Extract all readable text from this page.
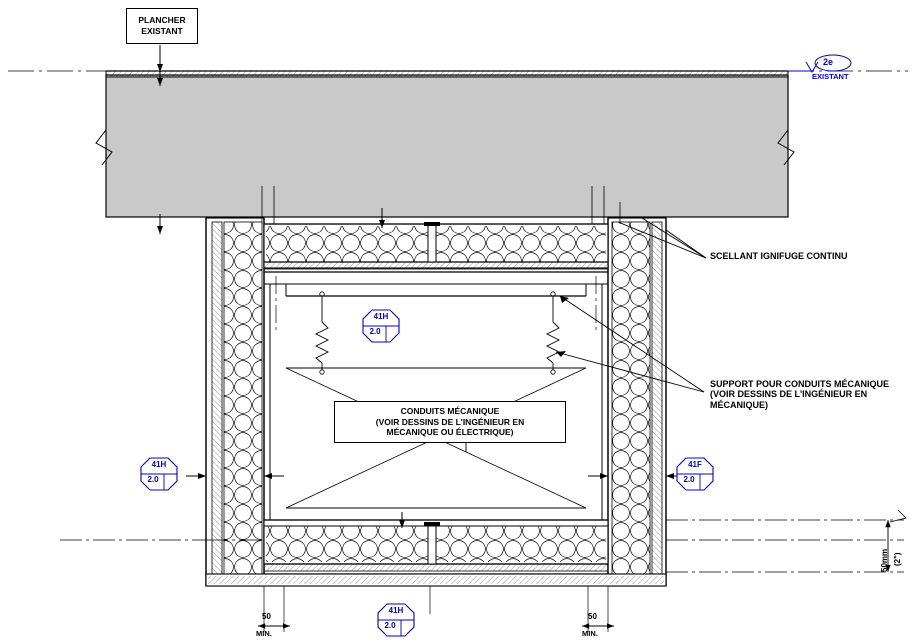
PLANCHER
EXISTANT
2e
EXISTANT
SCELLANT IGNIFUGE CONTINU
SUPPORT POUR CONDUITS MÉCANIQUE
(VOIR DESSINS DE L'INGÉNIEUR EN
MÉCANIQUE)
CONDUITS MÉCANIQUE
(VOIR DESSINS DE L'INGÉNIEUR EN
MÉCANIQUE OU ÉLECTRIQUE)
41H
2.0
41H
2.0
41F
2.0
41H
2.0
50
MIN.
50
MIN.
50mm (2")
